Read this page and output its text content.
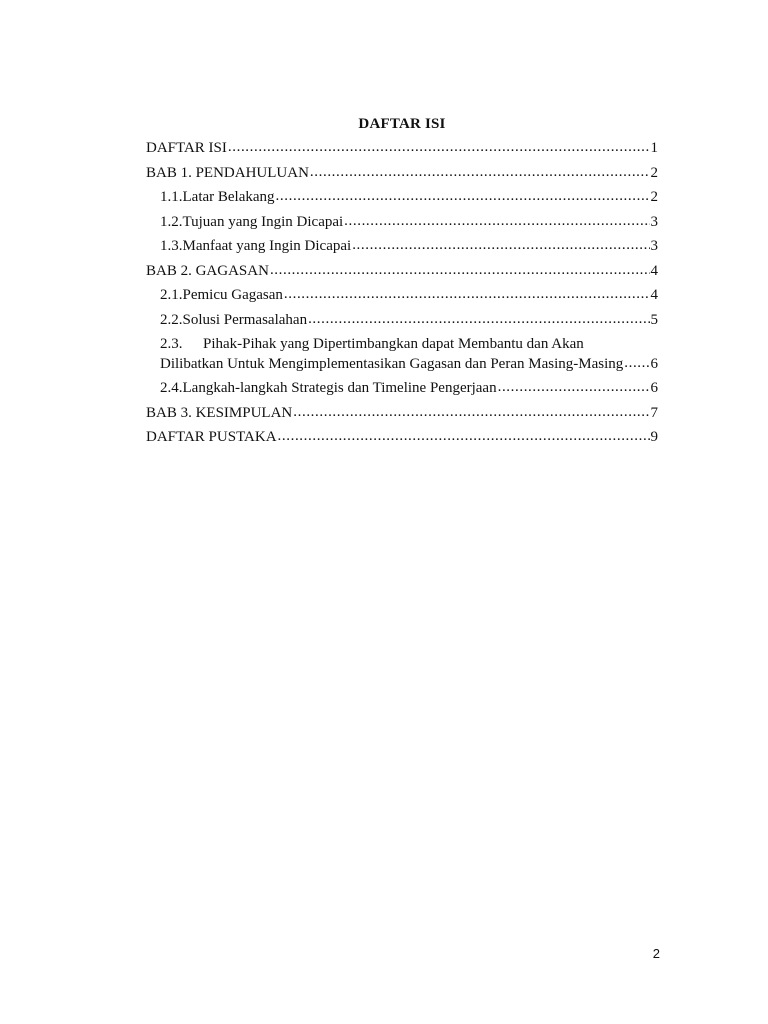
DAFTAR ISI
DAFTAR ISI .....	1
BAB 1. PENDAHULUAN .....	2
1.1. Latar Belakang .....	2
1.2. Tujuan yang Ingin Dicapai .....	3
1.3. Manfaat yang Ingin Dicapai .....	3
BAB 2. GAGASAN .....	4
2.1. Pemicu Gagasan .....	4
2.2. Solusi Permasalahan .....	5
2.3. Pihak-Pihak yang Dipertimbangkan dapat Membantu dan Akan
Dilibatkan Untuk Mengimplementasikan Gagasan dan Peran Masing-Masing ..... 6
2.4. Langkah-langkah Strategis dan Timeline Pengerjaan .....	6
BAB 3. KESIMPULAN .....	7
DAFTAR PUSTAKA .....	9
2
